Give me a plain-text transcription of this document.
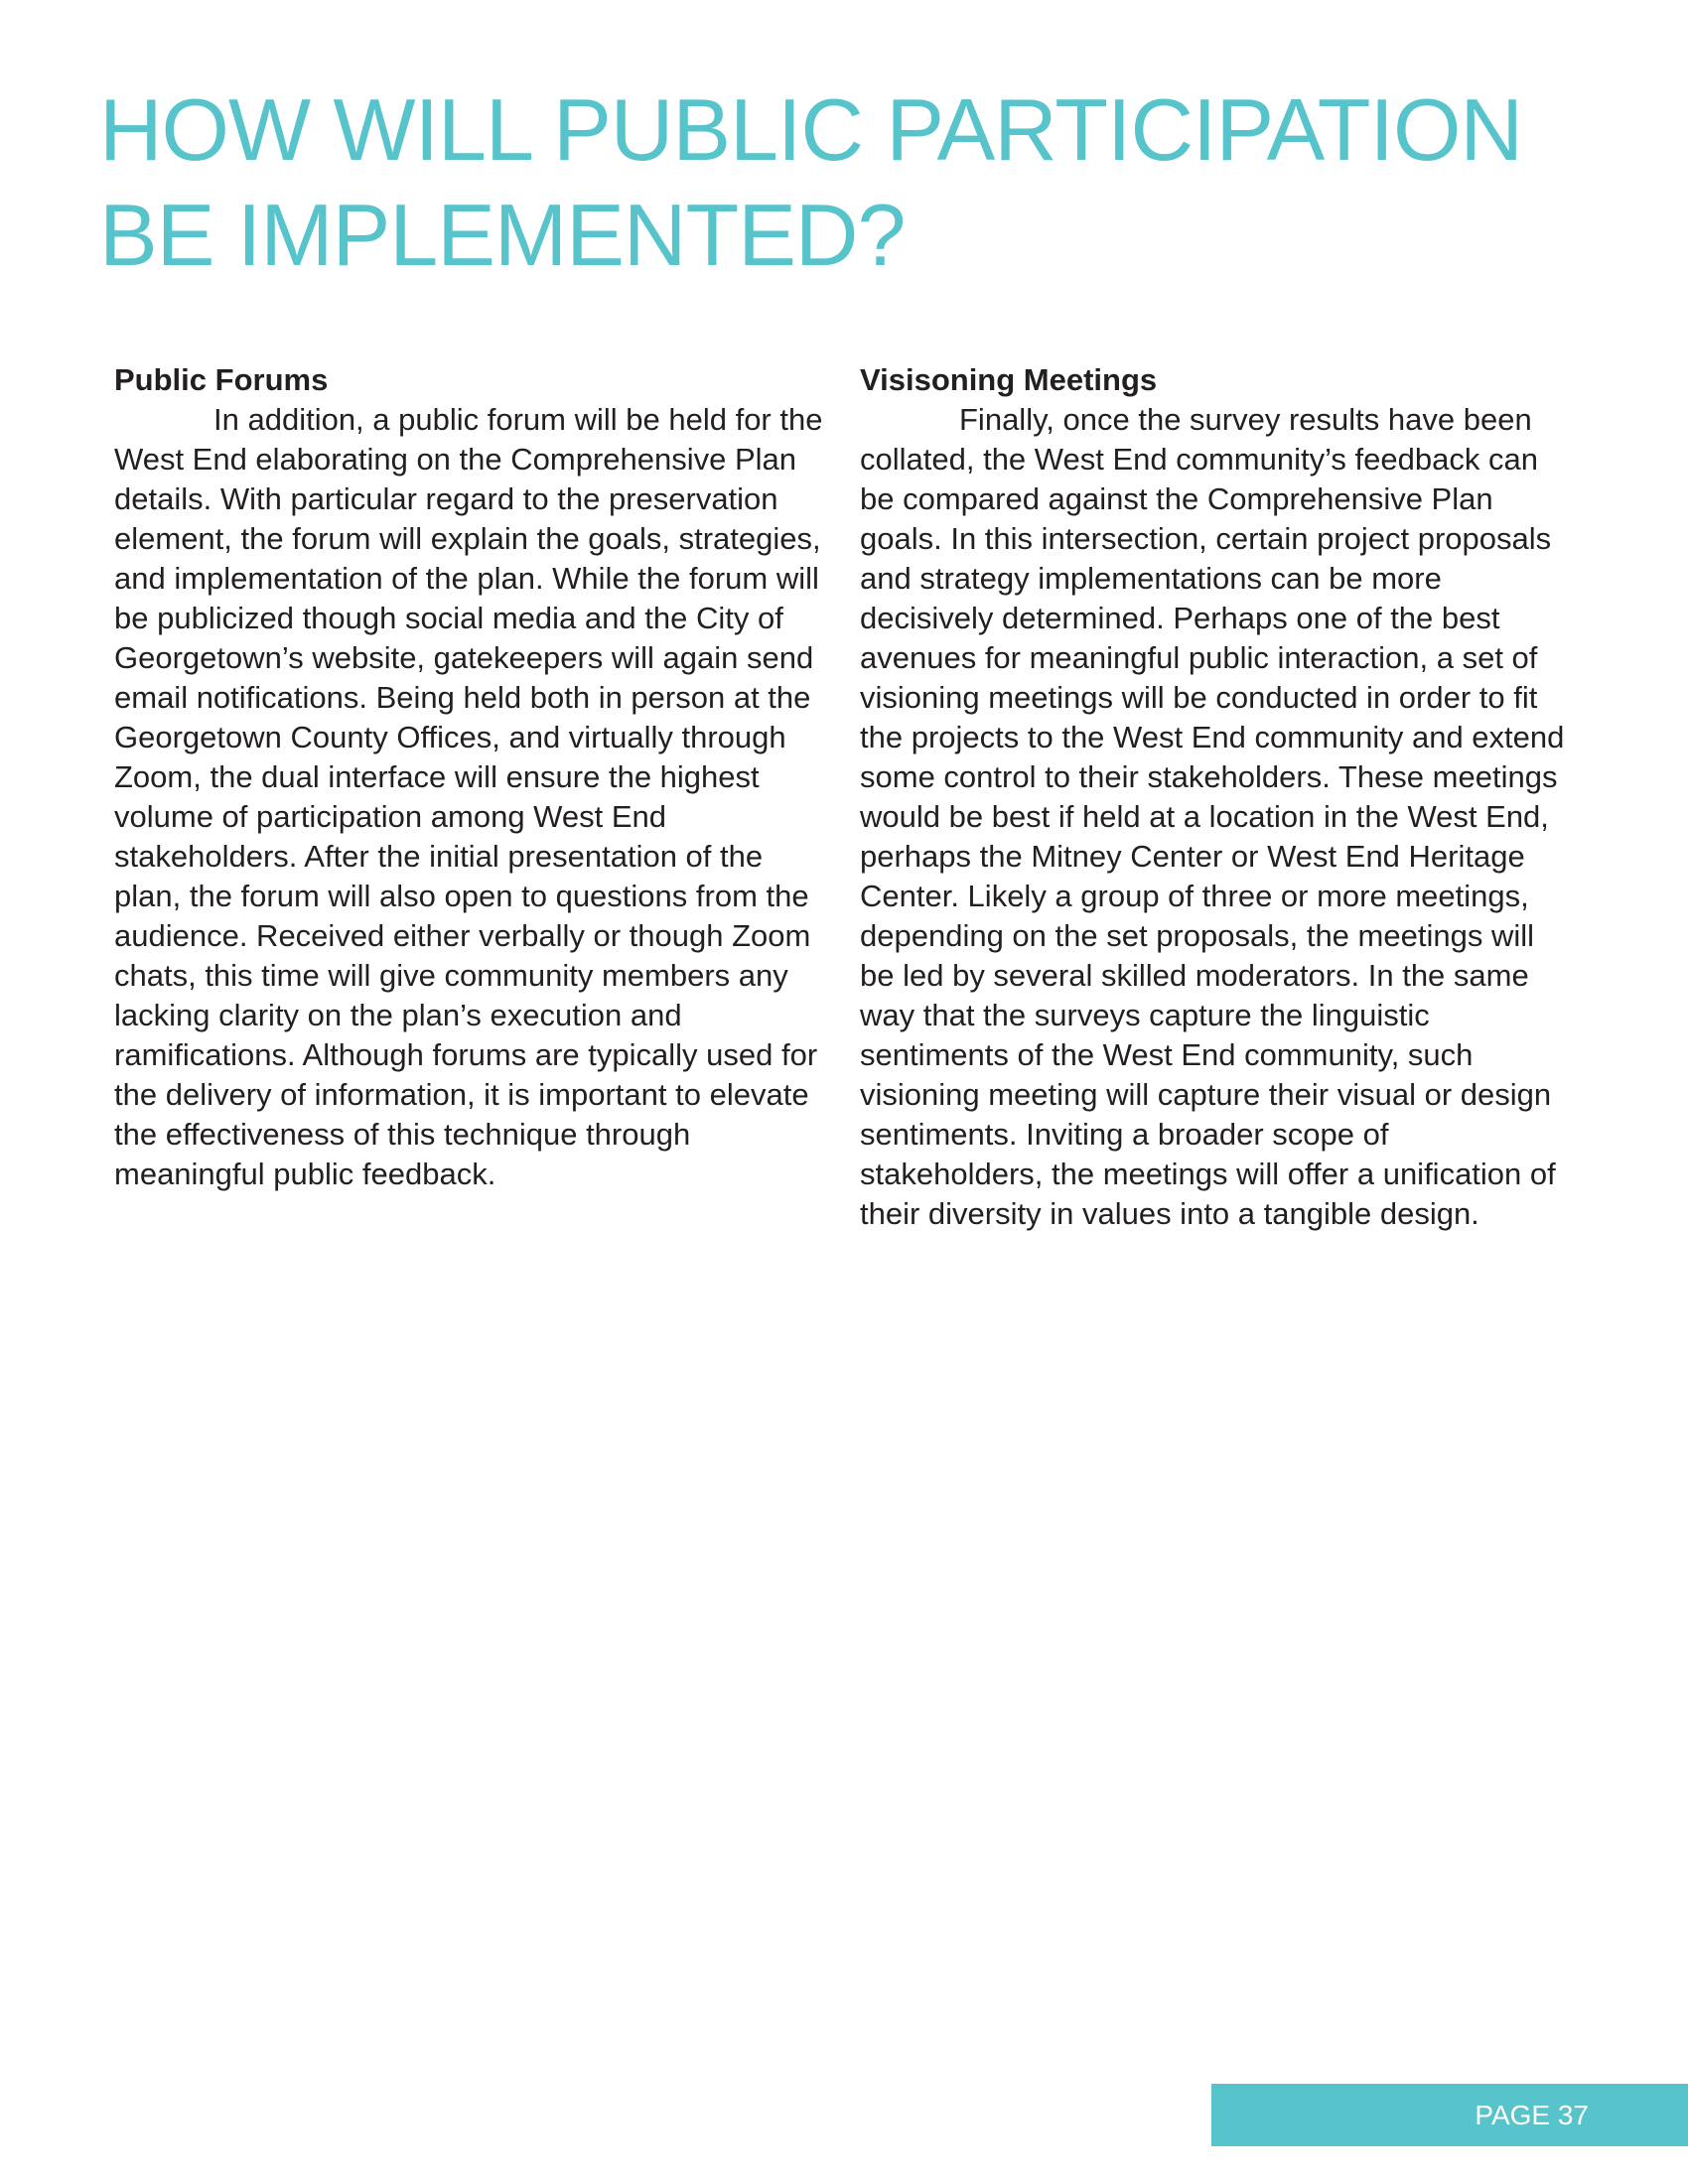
HOW WILL PUBLIC PARTICIPATION
BE IMPLEMENTED?
Public Forums

In addition, a public forum will be held for the West End elaborating on the Comprehensive Plan details. With particular regard to the preservation element, the forum will explain the goals, strategies, and implementation of the plan. While the forum will be publicized though social media and the City of Georgetown’s website, gatekeepers will again send email notifications. Being held both in person at the Georgetown County Offices, and virtually through Zoom, the dual interface will ensure the highest volume of participation among West End stakeholders. After the initial presentation of the plan, the forum will also open to questions from the audience. Received either verbally or though Zoom chats, this time will give community members any lacking clarity on the plan’s execution and ramifications. Although forums are typically used for the delivery of information, it is important to elevate the effectiveness of this technique through meaningful public feedback.

Visisoning Meetings

Finally, once the survey results have been collated, the West End community’s feedback can be compared against the Comprehensive Plan goals. In this intersection, certain project proposals and strategy implementations can be more decisively determined. Perhaps one of the best avenues for meaningful public interaction, a set of visioning meetings will be conducted in order to fit the projects to the West End community and extend some control to their stakeholders. These meetings would be best if held at a location in the West End, perhaps the Mitney Center or West End Heritage Center. Likely a group of three or more meetings, depending on the set proposals, the meetings will be led by several skilled moderators. In the same way that the surveys capture the linguistic sentiments of the West End community, such visioning meeting will capture their visual or design sentiments. Inviting a broader scope of stakeholders, the meetings will offer a unification of their diversity in values into a tangible design.

PAGE 37
